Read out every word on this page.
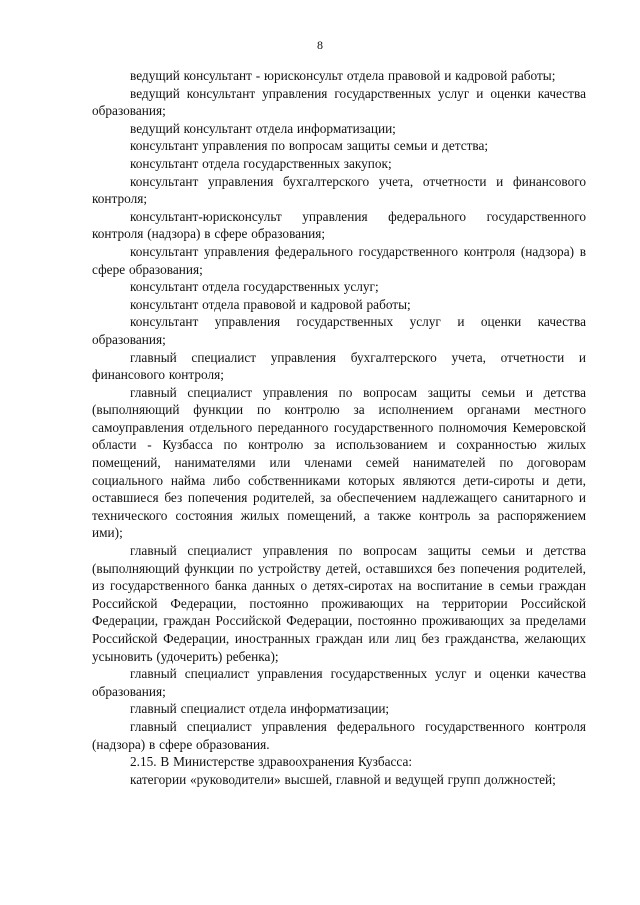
8

ведущий консультант - юрисконсульт отдела правовой и кадровой работы;

ведущий консультант управления государственных услуг и оценки качества образования;

ведущий консультант отдела информатизации;

консультант управления по вопросам защиты семьи и детства;

консультант отдела государственных закупок;

консультант управления бухгалтерского учета, отчетности и финансового контроля;

консультант-юрисконсульт управления федерального государственного контроля (надзора) в сфере образования;

консультант управления федерального государственного контроля (надзора) в сфере образования;

консультант отдела государственных услуг;

консультант отдела правовой и кадровой работы;

консультант управления государственных услуг и оценки качества образования;

главный специалист управления бухгалтерского учета, отчетности и финансового контроля;

главный специалист управления по вопросам защиты семьи и детства (выполняющий функции по контролю за исполнением органами местного самоуправления отдельного переданного государственного полномочия Кемеровской области - Кузбасса по контролю за использованием и сохранностью жилых помещений, нанимателями или членами семей нанимателей по договорам социального найма либо собственниками которых являются дети-сироты и дети, оставшиеся без попечения родителей, за обеспечением надлежащего санитарного и технического состояния жилых помещений, а также контроль за распоряжением ими);

главный специалист управления по вопросам защиты семьи и детства (выполняющий функции по устройству детей, оставшихся без попечения родителей, из государственного банка данных о детях-сиротах на воспитание в семьи граждан Российской Федерации, постоянно проживающих на территории Российской Федерации, граждан Российской Федерации, постоянно проживающих за пределами Российской Федерации, иностранных граждан или лиц без гражданства, желающих усыновить (удочерить) ребенка);

главный специалист управления государственных услуг и оценки качества образования;

главный специалист отдела информатизации;

главный специалист управления федерального государственного контроля (надзора) в сфере образования.

2.15. В Министерстве здравоохранения Кузбасса:

категории «руководители» высшей, главной и ведущей групп должностей;
